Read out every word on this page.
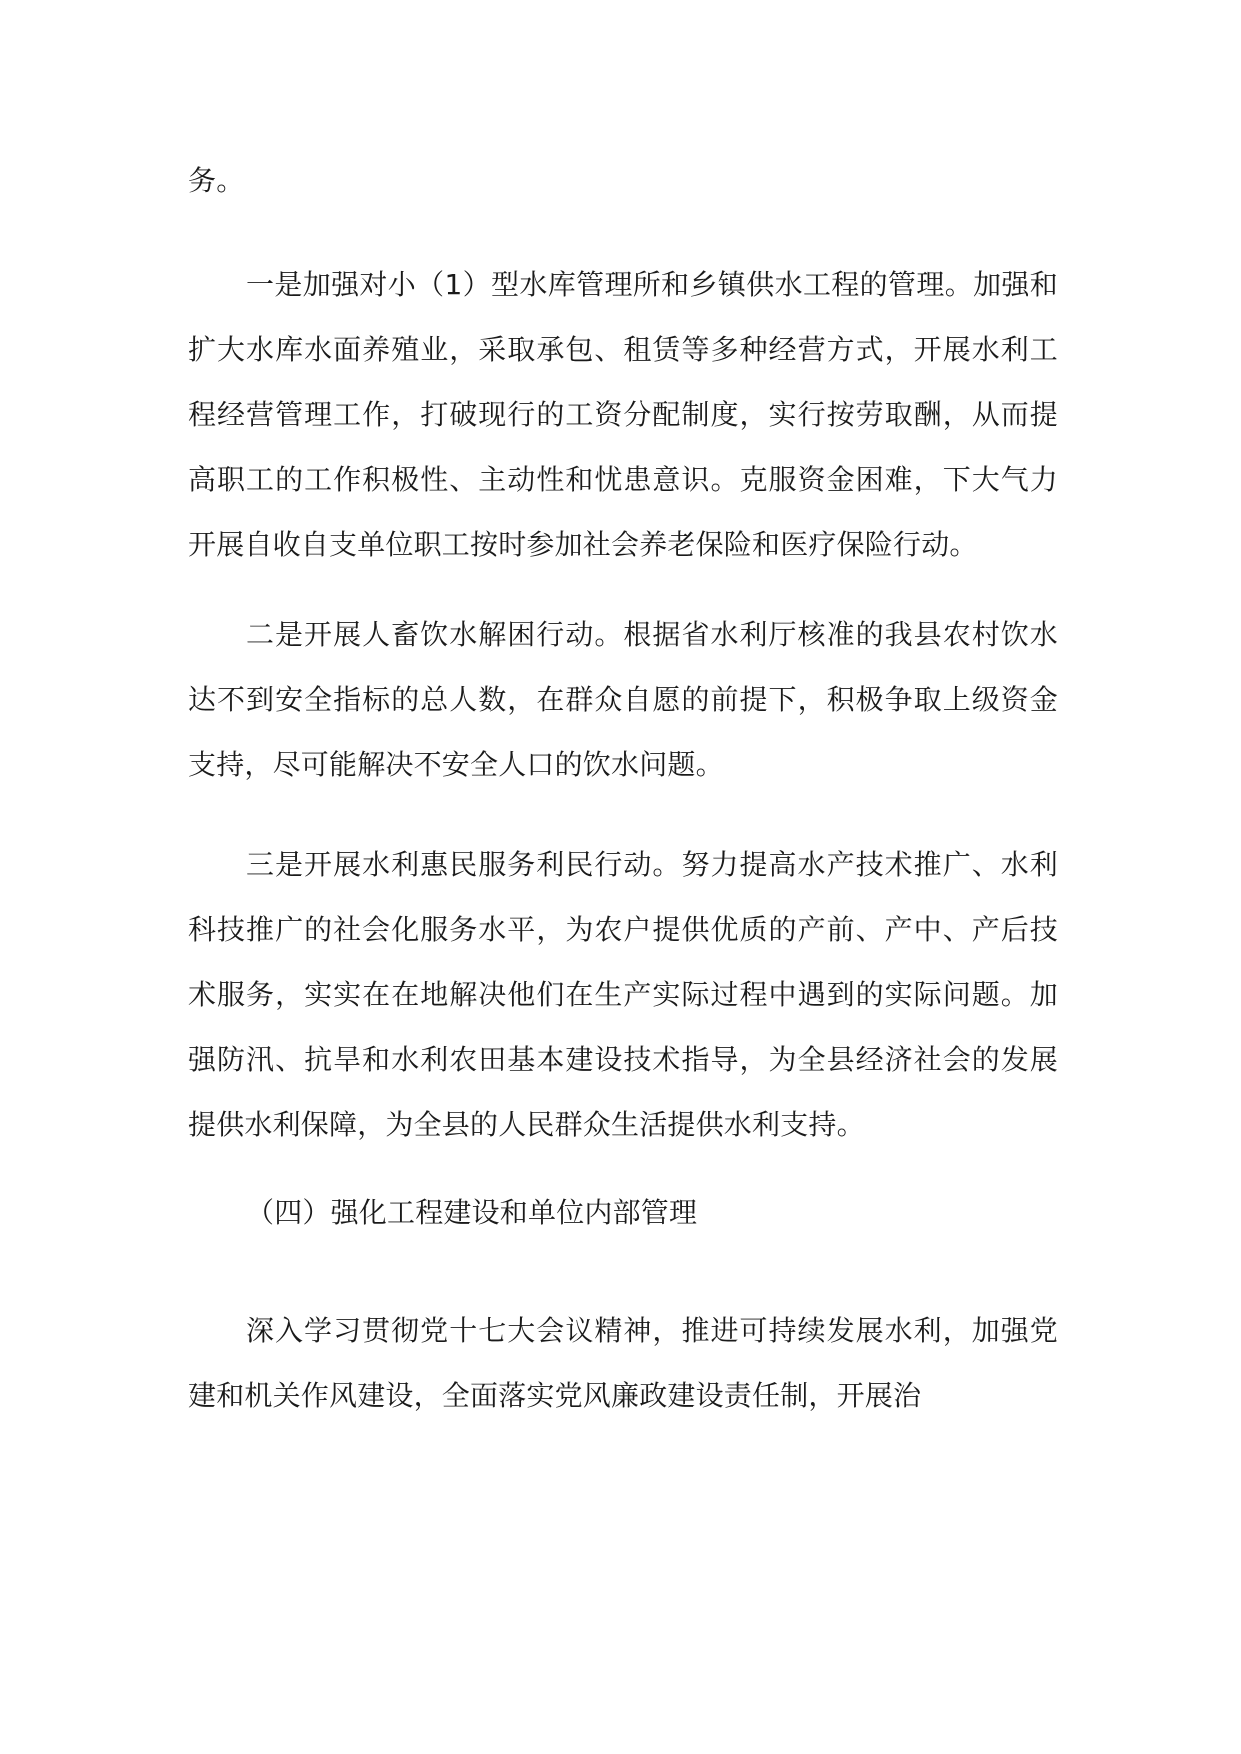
务。

一是加强对小（1）型水库管理所和乡镇供水工程的管理。加强和扩大水库水面养殖业，采取承包、租赁等多种经营方式，开展水利工程经营管理工作，打破现行的工资分配制度，实行按劳取酬，从而提高职工的工作积极性、主动性和忧患意识。克服资金困难，下大气力开展自收自支单位职工按时参加社会养老保险和医疗保险行动。

二是开展人畜饮水解困行动。根据省水利厅核准的我县农村饮水达不到安全指标的总人数，在群众自愿的前提下，积极争取上级资金支持，尽可能解决不安全人口的饮水问题。

三是开展水利惠民服务利民行动。努力提高水产技术推广、水利科技推广的社会化服务水平，为农户提供优质的产前、产中、产后技术服务，实实在在地解决他们在生产实际过程中遇到的实际问题。加强防汛、抗旱和水利农田基本建设技术指导，为全县经济社会的发展提供水利保障，为全县的人民群众生活提供水利支持。

（四）强化工程建设和单位内部管理

深入学习贯彻党十七大会议精神，推进可持续发展水利，加强党建和机关作风建设，全面落实党风廉政建设责任制，开展治
